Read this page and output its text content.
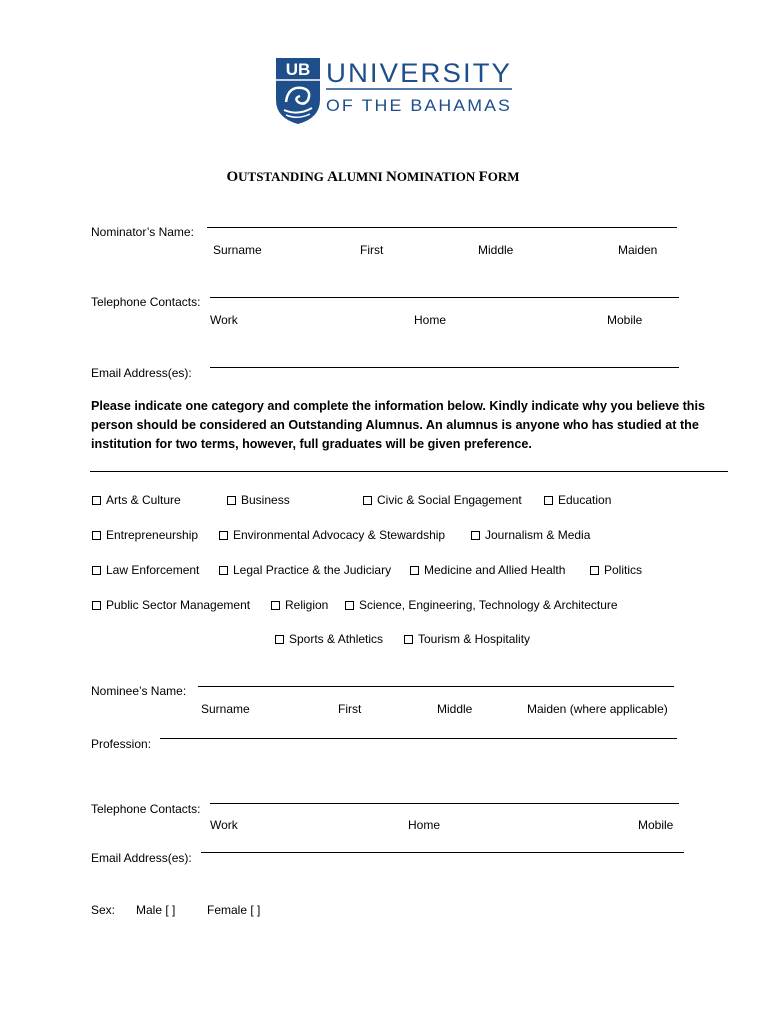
UB UNIVERSITY
OF THE BAHAMAS
OUTSTANDING ALUMNI NOMINATION FORM
Nominator’s Name:
Surname	First	Middle	Maiden
Telephone Contacts:
Work	Home	Mobile
Email Address(es):
Please indicate one category and complete the information below. Kindly indicate why you believe this person should be considered an Outstanding Alumnus. An alumnus is anyone who has studied at the institution for two terms, however, full graduates will be given preference.
Arts & Culture	Business	Civic & Social Engagement	Education
Entrepreneurship	Environmental Advocacy & Stewardship	Journalism & Media
Law Enforcement	Legal Practice & the Judiciary	Medicine and Allied Health	Politics
Public Sector Management	Religion	Science, Engineering, Technology & Architecture
Sports & Athletics	Tourism & Hospitality
Nominee’s Name:
Surname	First	Middle	Maiden (where applicable)
Profession:
Telephone Contacts:
Work	Home	Mobile
Email Address(es):
Sex: Male [ ]	Female [ ]
